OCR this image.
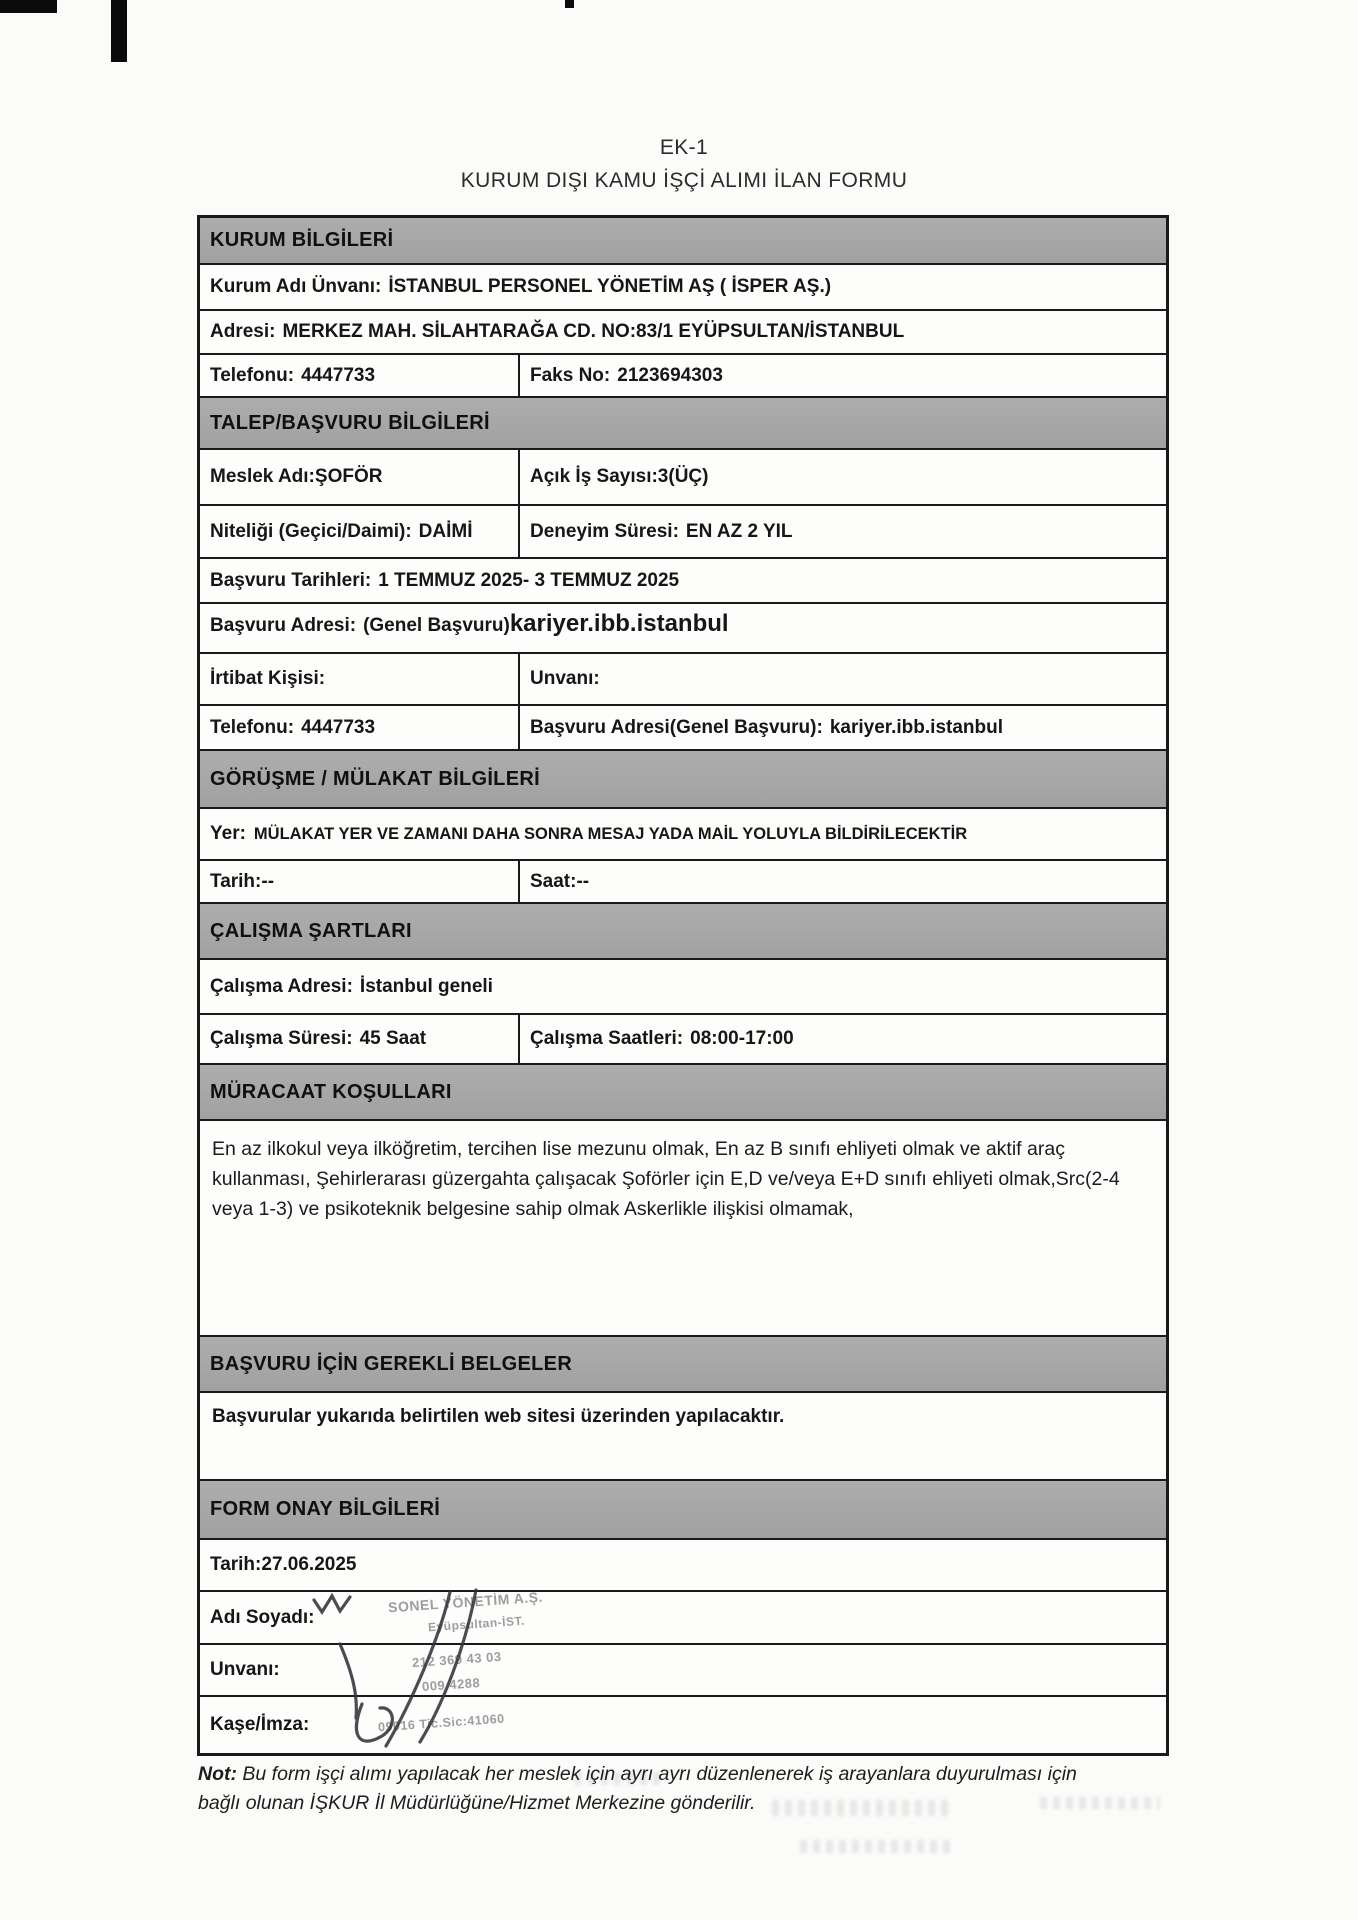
EK-1
KURUM DIŞI KAMU İŞÇİ ALIMI İLAN FORMU
KURUM BİLGİLERİ
Kurum Adı Ünvanı: İSTANBUL PERSONEL YÖNETİM AŞ ( İSPER AŞ.)
Adresi: MERKEZ MAH. SİLAHTARAĞA CD. NO:83/1 EYÜPSULTAN/İSTANBUL
Telefonu: 4447733	Faks No: 2123694303
TALEP/BAŞVURU BİLGİLERİ
Meslek Adı: ŞOFÖR	Açık İş Sayısı: 3(ÜÇ)
Niteliği (Geçici/Daimi): DAİMİ	Deneyim Süresi: EN AZ 2 YIL
Başvuru Tarihleri: 1 TEMMUZ 2025- 3 TEMMUZ 2025
Başvuru Adresi: (Genel Başvuru) kariyer.ibb.istanbul
İrtibat Kişisi:	Unvanı:
Telefonu: 4447733	Başvuru Adresi(Genel Başvuru): kariyer.ibb.istanbul
GÖRÜŞME / MÜLAKAT BİLGİLERİ
Yer: MÜLAKAT YER VE ZAMANI DAHA SONRA MESAJ YADA MAİL YOLUYLA BİLDİRİLECEKTİR
Tarih: --	Saat: --
ÇALIŞMA ŞARTLARI
Çalışma Adresi: İstanbul geneli
Çalışma Süresi: 45 Saat	Çalışma Saatleri: 08:00-17:00
MÜRACAAT KOŞULLARI
En az ilkokul veya ilköğretim, tercihen lise mezunu olmak, En az B sınıfı ehliyeti olmak ve aktif araç kullanması, Şehirlerarası güzergahta çalışacak Şoförler için E,D ve/veya E+D sınıfı ehliyeti olmak,Src(2-4 veya 1-3) ve psikoteknik belgesine sahip olmak Askerlikle ilişkisi olmamak,
BAŞVURU İÇİN GEREKLİ BELGELER
Başvurular yukarıda belirtilen web sitesi üzerinden yapılacaktır.
FORM ONAY BİLGİLERİ
Tarih: 27.06.2025
Adı Soyadı:
Unvanı:
Kaşe/İmza:
SONEL YÖNETİM A.Ş.
Eyüpsultan-İST.
212 369 43 03
009 4288
09016 Tic.Sic:41060
Not: Bu form işçi alımı yapılacak her meslek için ayrı ayrı düzenlenerek iş arayanlara duyurulması için bağlı olunan İŞKUR İl Müdürlüğüne/Hizmet Merkezine gönderilir.
